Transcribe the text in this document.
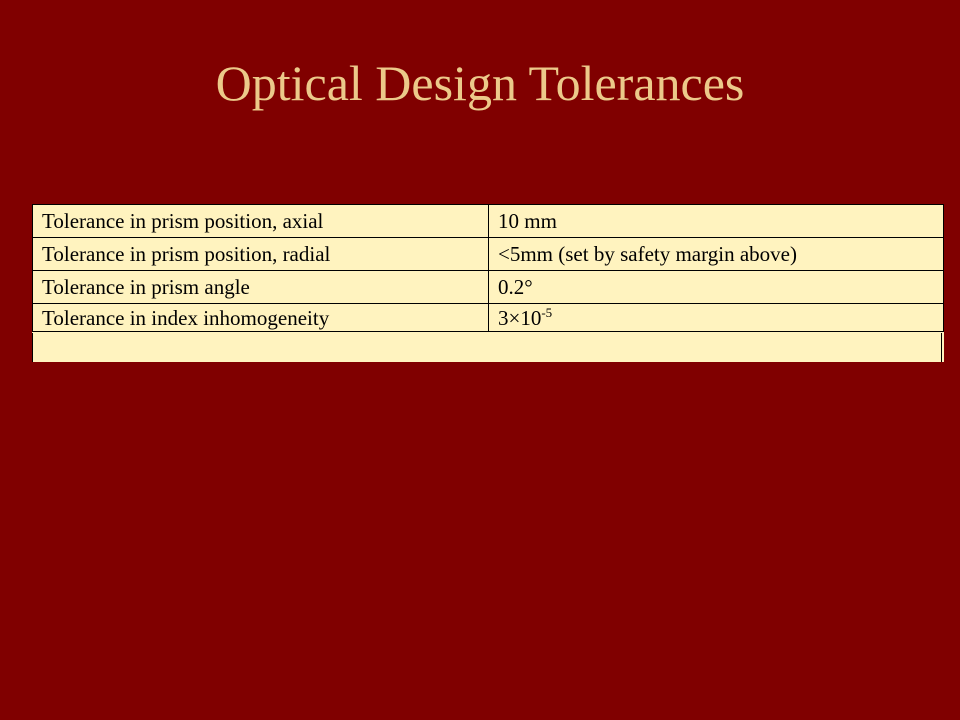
Optical Design Tolerances
Tolerance in prism position, axial	10 mm
Tolerance in prism position, radial	<5mm (set by safety margin above)
Tolerance in prism angle	0.2°
Tolerance in index inhomogeneity	$3\times 10^{-5}$
